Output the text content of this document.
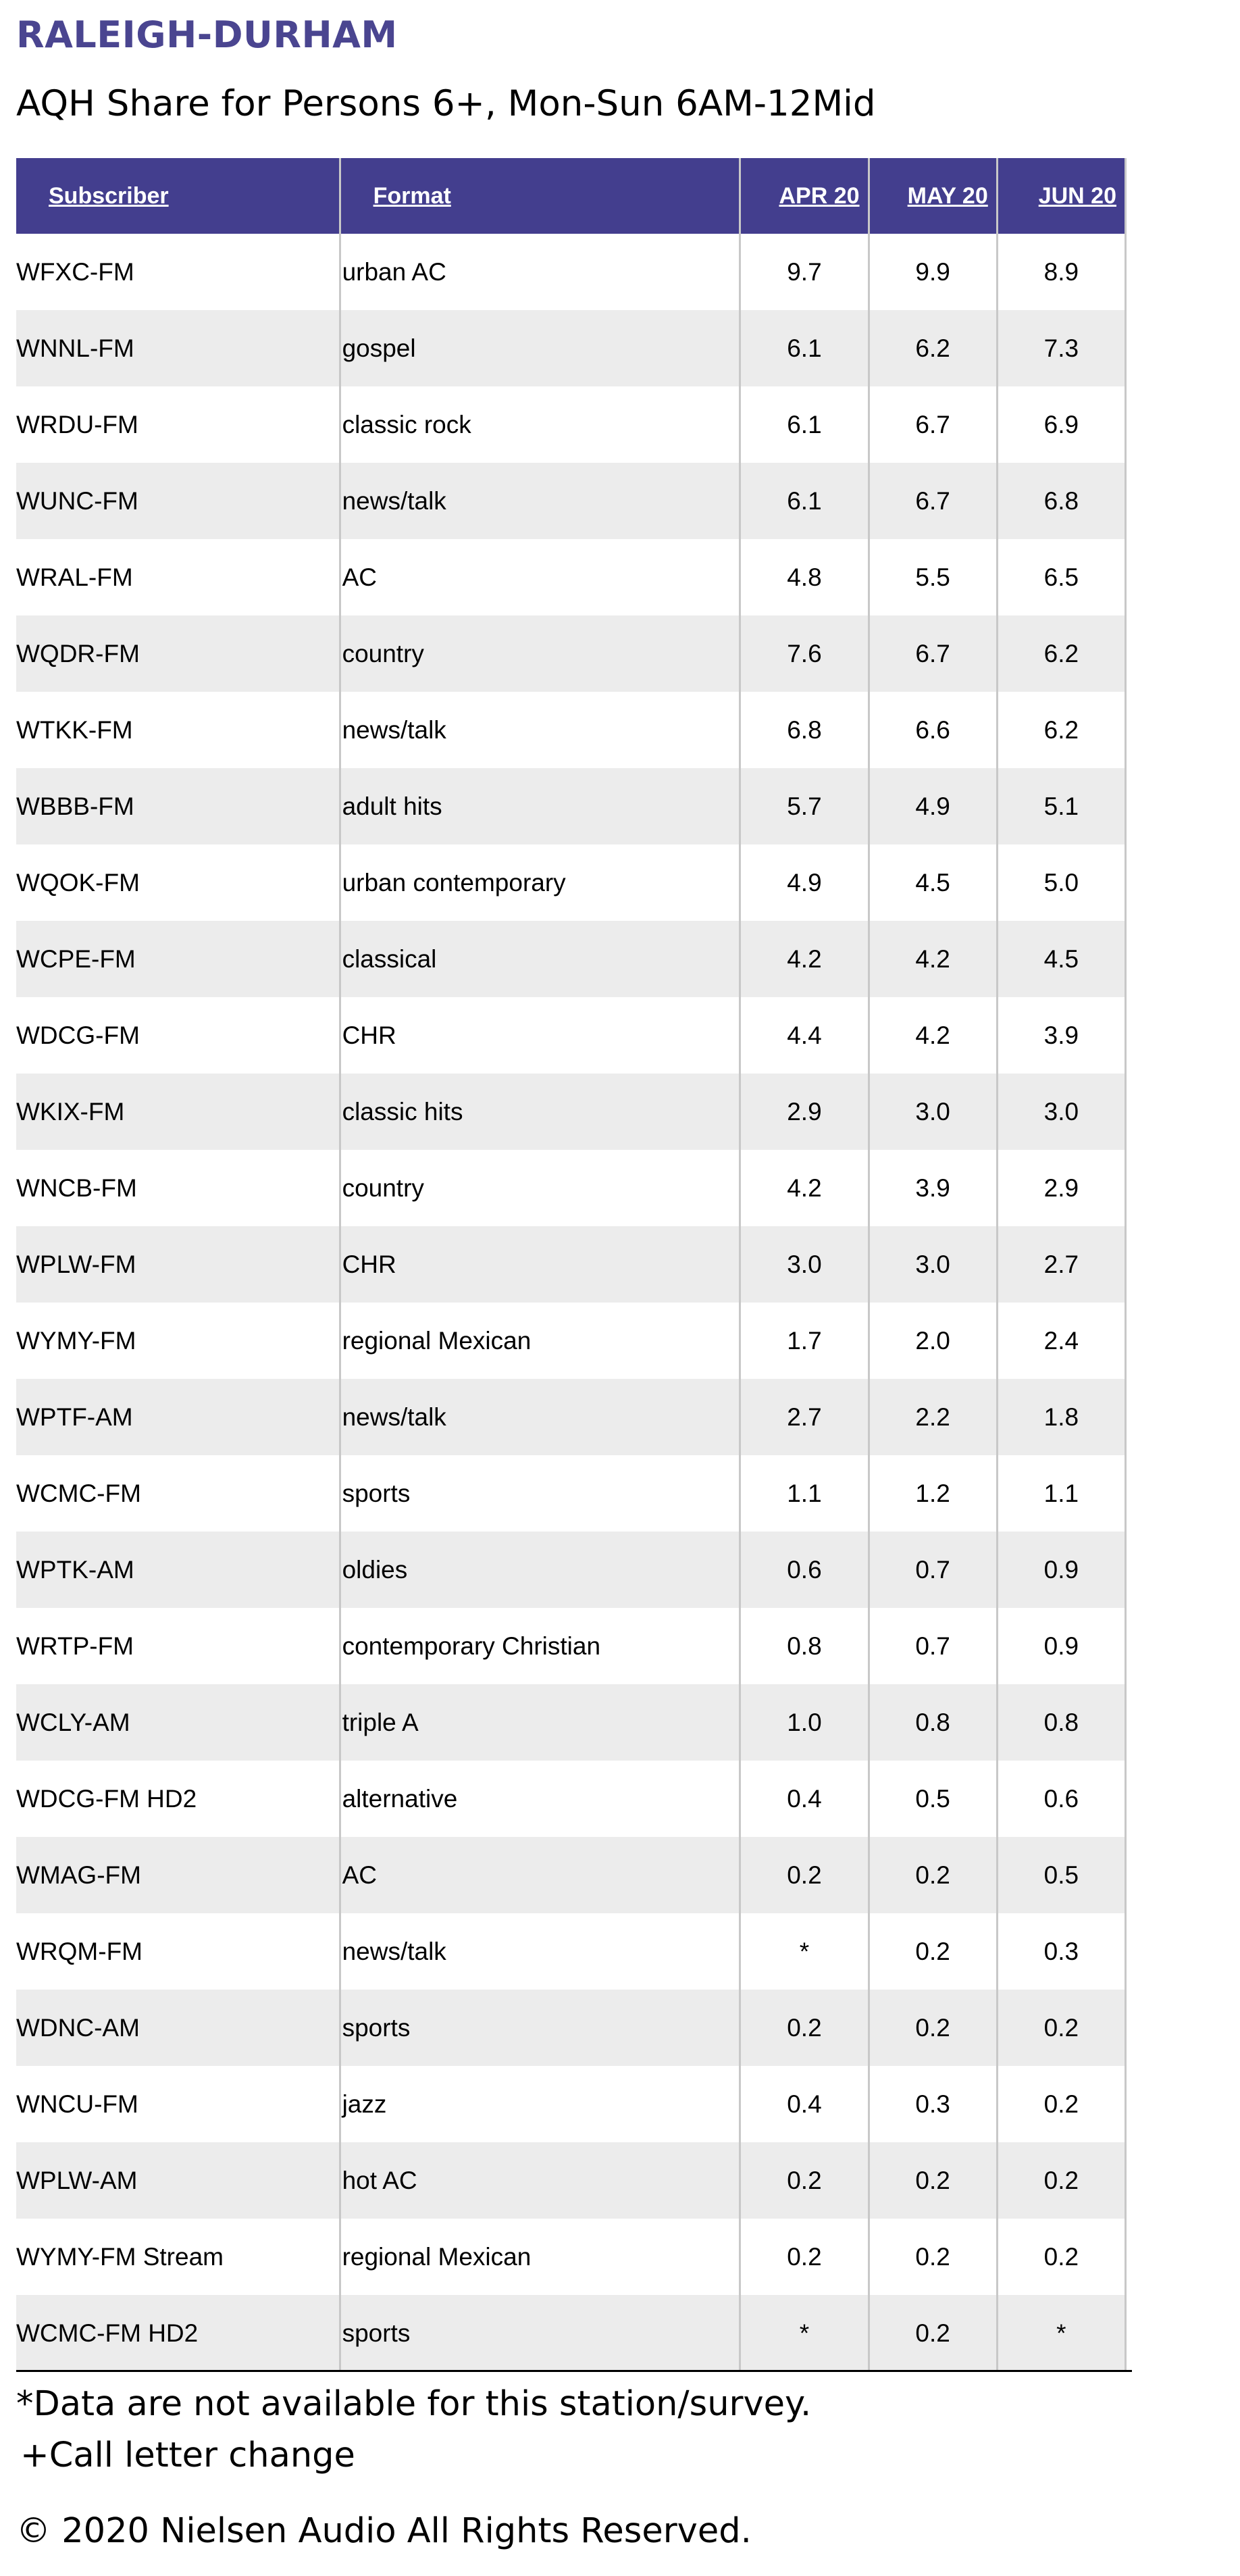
RALEIGH-DURHAM
AQH Share for Persons 6+, Mon-Sun 6AM-12Mid
Subscriber	Format	APR 20	MAY 20	JUN 20
WFXC-FM	urban AC	9.7	9.9	8.9
WNNL-FM	gospel	6.1	6.2	7.3
WRDU-FM	classic rock	6.1	6.7	6.9
WUNC-FM	news/talk	6.1	6.7	6.8
WRAL-FM	AC	4.8	5.5	6.5
WQDR-FM	country	7.6	6.7	6.2
WTKK-FM	news/talk	6.8	6.6	6.2
WBBB-FM	adult hits	5.7	4.9	5.1
WQOK-FM	urban contemporary	4.9	4.5	5.0
WCPE-FM	classical	4.2	4.2	4.5
WDCG-FM	CHR	4.4	4.2	3.9
WKIX-FM	classic hits	2.9	3.0	3.0
WNCB-FM	country	4.2	3.9	2.9
WPLW-FM	CHR	3.0	3.0	2.7
WYMY-FM	regional Mexican	1.7	2.0	2.4
WPTF-AM	news/talk	2.7	2.2	1.8
WCMC-FM	sports	1.1	1.2	1.1
WPTK-AM	oldies	0.6	0.7	0.9
WRTP-FM	contemporary Christian	0.8	0.7	0.9
WCLY-AM	triple A	1.0	0.8	0.8
WDCG-FM HD2	alternative	0.4	0.5	0.6
WMAG-FM	AC	0.2	0.2	0.5
WRQM-FM	news/talk	*	0.2	0.3
WDNC-AM	sports	0.2	0.2	0.2
WNCU-FM	jazz	0.4	0.3	0.2
WPLW-AM	hot AC	0.2	0.2	0.2
WYMY-FM Stream	regional Mexican	0.2	0.2	0.2
WCMC-FM HD2	sports	*	0.2	*

*Data are not available for this station/survey.

+Call letter change

© 2020 Nielsen Audio All Rights Reserved.
